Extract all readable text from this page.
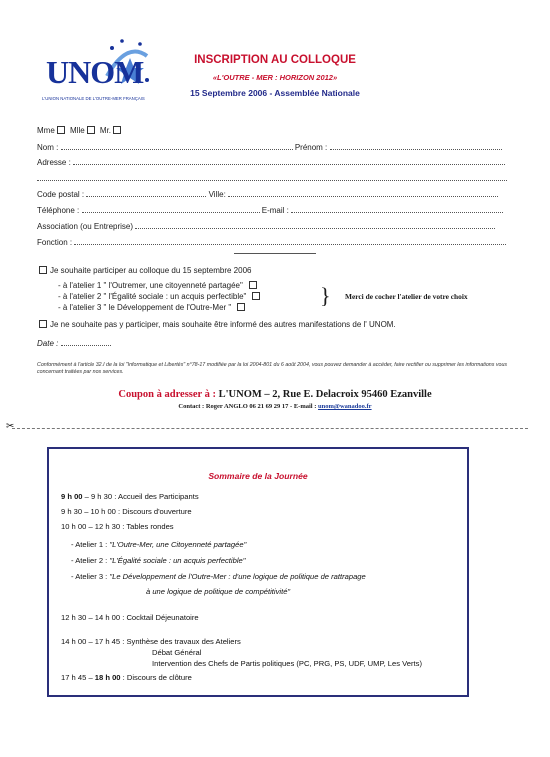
UNOM
L'UNION NATIONALE DE L'OUTRE-MER FRANÇAIS
INSCRIPTION AU COLLOQUE
«L'OUTRE - MER : HORIZON 2012»
15 Septembre 2006 - Assemblée Nationale
Mme Mlle Mr.
Nom :	Prénom :
Adresse :
Code postal :	Ville:
Téléphone :	E-mail :
Association (ou Entreprise)
Fonction :
Je souhaite participer au colloque du 15 septembre 2006
- à l'atelier 1 " l'Outremer, une citoyenneté partagée"
- à l'atelier 2 " l'Égalité sociale : un acquis perfectible"
- à l'atelier 3 " le Développement de l'Outre-Mer "	} Merci de cocher l'atelier de votre choix
Je ne souhaite pas y participer, mais souhaite être informé des autres manifestations de l' UNOM.
Date :
Conformément à l'article 32.I de la loi "Informatique et Libertés" n°78-17 modifiée par la loi 2004-801 du 6 août 2004, vous pouvez demander à accéder, faire rectifier ou supprimer les informations vous concernant traitées par nos services.
Coupon à adresser à : L'UNOM – 2, Rue E. Delacroix 95460 Ezanville
Contact : Roger ANGLO 06 21 69 29 17 - E-mail : unom@wanadoo.fr
✂
Sommaire de la Journée
9 h 00 – 9 h 30 : Accueil des Participants
9 h 30 – 10 h 00 : Discours d'ouverture
10 h 00 – 12 h 30 : Tables rondes
- Atelier 1 : "L'Outre-Mer, une Citoyenneté partagée"
- Atelier 2 : "L'Égalité sociale : un acquis perfectible"
- Atelier 3 : "Le Développement de l'Outre-Mer : d'une logique de politique de rattrapage
à une logique de politique de compétitivité"
12 h 30 – 14 h 00 : Cocktail Déjeunatoire
14 h 00 – 17 h 45 : Synthèse des travaux des Ateliers
Débat Général
Intervention des Chefs de Partis politiques (PC, PRG, PS, UDF, UMP, Les Verts)
17 h 45 – 18 h 00 : Discours de clôture
